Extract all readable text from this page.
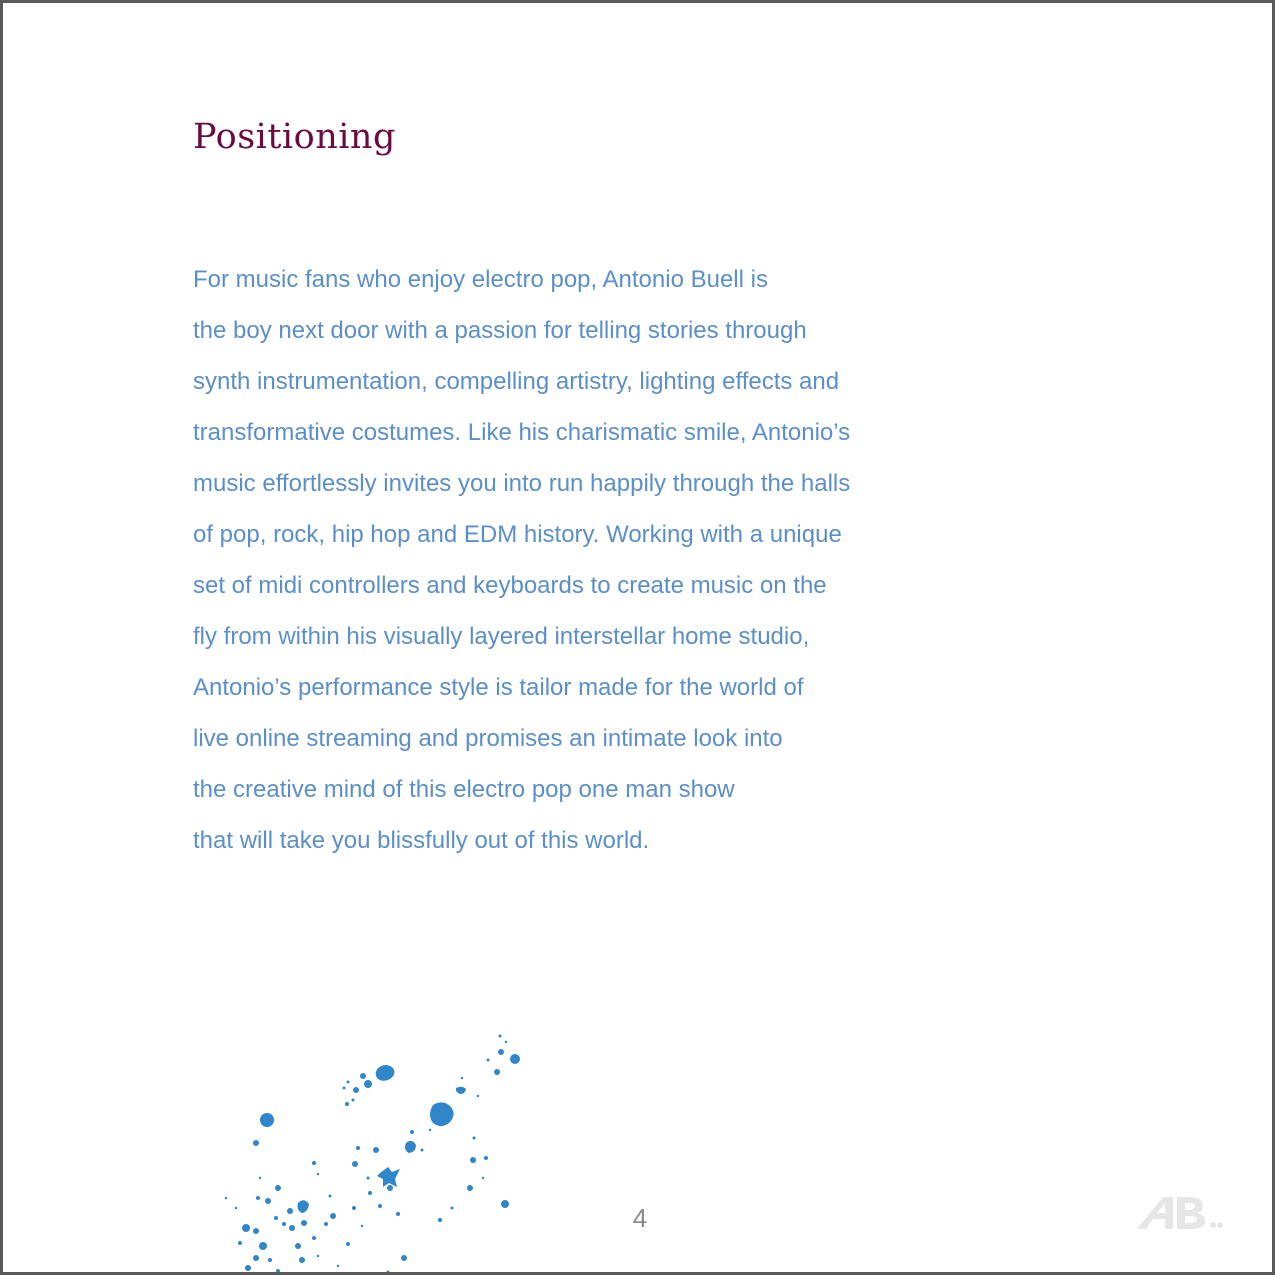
Positioning
For music fans who enjoy electro pop, Antonio Buell is
the boy next door with a passion for telling stories through
synth instrumentation, compelling artistry, lighting effects and
transformative costumes. Like his charismatic smile, Antonio’s
music effortlessly invites you into run happily through the halls
of pop, rock, hip hop and EDM history. Working with a unique
set of midi controllers and keyboards to create music on the
fly from within his visually layered interstellar home studio,
Antonio’s performance style is tailor made for the world of
live online streaming and promises an intimate look into
the creative mind of this electro pop one man show
that will take you blissfully out of this world.
4
